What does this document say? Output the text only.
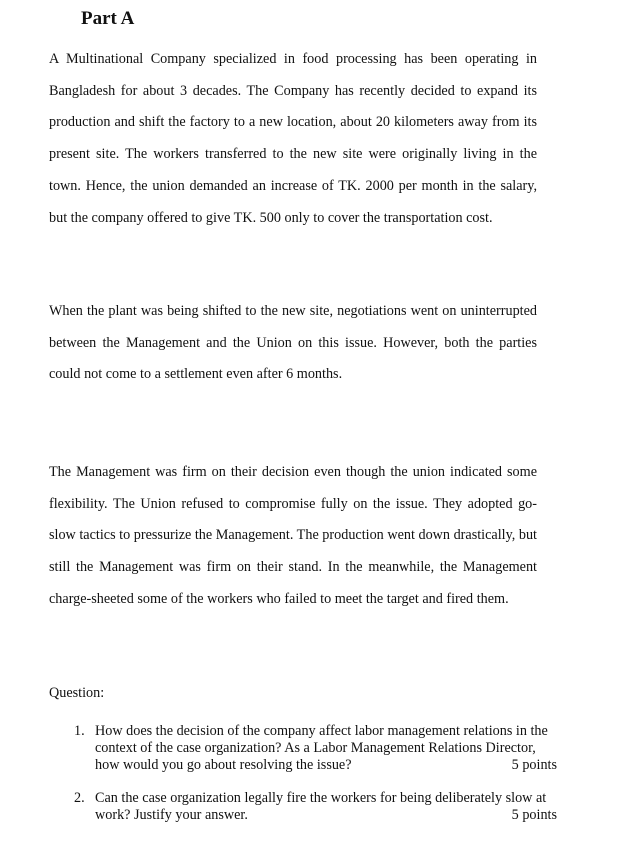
Part A

A Multinational Company specialized in food processing has been operating in Bangladesh for about 3 decades. The Company has recently decided to expand its production and shift the factory to a new location, about 20 kilometers away from its present site. The workers transferred to the new site were originally living in the town. Hence, the union demanded an increase of TK. 2000 per month in the salary, but the company offered to give TK. 500 only to cover the transportation cost.

When the plant was being shifted to the new site, negotiations went on uninterrupted between the Management and the Union on this issue. However, both the parties could not come to a settlement even after 6 months.

The Management was firm on their decision even though the union indicated some flexibility. The Union refused to compromise fully on the issue. They adopted go-slow tactics to pressurize the Management. The production went down drastically, but still the Management was firm on their stand. In the meanwhile, the Management charge-sheeted some of the workers who failed to meet the target and fired them.

Question:

1. How does the decision of the company affect labor management relations in the context of the case organization? As a Labor Management Relations Director, how would you go about resolving the issue?	5 points
2. Can the case organization legally fire the workers for being deliberately slow at work? Justify your answer.	5 points
